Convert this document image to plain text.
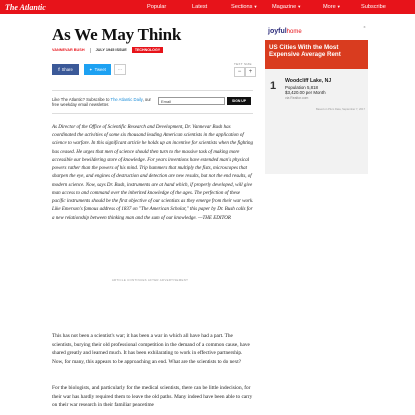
The Atlantic	Popular	Latest	Sections▼	Magazine▼	More▼	Subscribe
As We May Think
VANNEVAR BUSH	JULY 1945 ISSUE	TECHNOLOGY
f Share	✦ Tweet	···
TEXT SIZE
− +
Like The Atlantic? Subscribe to The Atlantic Daily, our free weekday email newsletter.
Email	SIGN UP

As Director of the Office of Scientific Research and Development, Dr. Vannevar Bush has coordinated the activities of some six thousand leading American scientists in the application of science to warfare. In this significant article he holds up an incentive for scientists when the fighting has ceased. He urges that men of science should then turn to the massive task of making more accessible our bewildering store of knowledge. For years inventions have extended man's physical powers rather than the powers of his mind. Trip hammers that multiply the fists, microscopes that sharpen the eye, and engines of destruction and detection are new results, but not the end results, of modern science. Now, says Dr. Bush, instruments are at hand which, if properly developed, will give man access to and command over the inherited knowledge of the ages. The perfection of these pacific instruments should be the first objective of our scientists as they emerge from their war work. Like Emerson's famous address of 1837 on "The American Scholar," this paper by Dr. Bush calls for a new relationship between thinking man and the sum of our knowledge. —THE EDITOR

ARTICLE CONTINUES AFTER ADVERTISEMENT

This has not been a scientist's war; it has been a war in which all have had a part. The scientists, burying their old professional competition in the demand of a common cause, have shared greatly and learned much. It has been exhilarating to work in effective partnership. Now, for many, this appears to be approaching an end. What are the scientists to do next?

For the biologists, and particularly for the medical scientists, there can be little indecision, for their war has hardly required them to leave the old paths. Many indeed have been able to carry on their war research in their familiar peacetime

joyfulhome
x
US Cities With the Most Expensive Average Rent
1 Woodcliff Lake, NJ
Population 5,818
$3,420.00 per Month
via Realtor.com
Based on Plum Data, September 7, 2017
